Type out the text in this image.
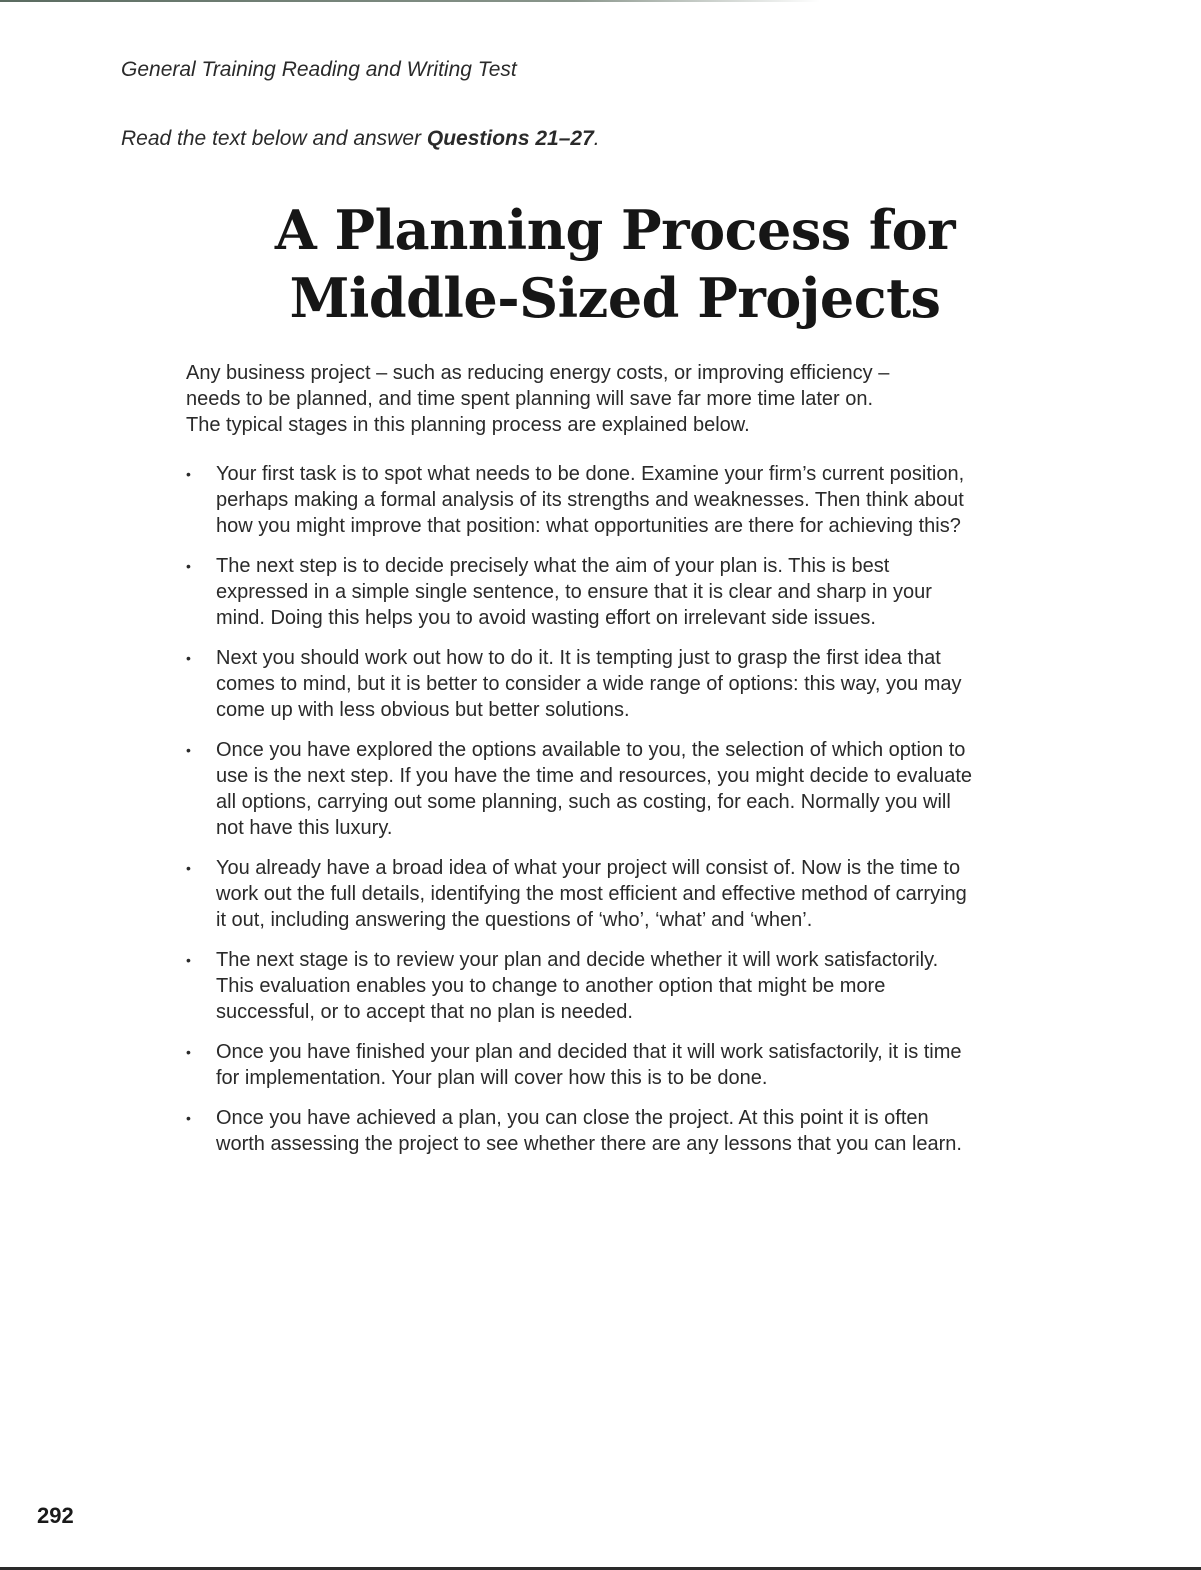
General Training Reading and Writing Test
Read the text below and answer Questions 21–27.
A Planning Process for
Middle-Sized Projects
Any business project – such as reducing energy costs, or improving efficiency –
needs to be planned, and time spent planning will save far more time later on.
The typical stages in this planning process are explained below.
• Your first task is to spot what needs to be done. Examine your firm’s current position,
perhaps making a formal analysis of its strengths and weaknesses. Then think about
how you might improve that position: what opportunities are there for achieving this?
• The next step is to decide precisely what the aim of your plan is. This is best
expressed in a simple single sentence, to ensure that it is clear and sharp in your
mind. Doing this helps you to avoid wasting effort on irrelevant side issues.
• Next you should work out how to do it. It is tempting just to grasp the first idea that
comes to mind, but it is better to consider a wide range of options: this way, you may
come up with less obvious but better solutions.
• Once you have explored the options available to you, the selection of which option to
use is the next step. If you have the time and resources, you might decide to evaluate
all options, carrying out some planning, such as costing, for each. Normally you will
not have this luxury.
• You already have a broad idea of what your project will consist of. Now is the time to
work out the full details, identifying the most efficient and effective method of carrying
it out, including answering the questions of ‘who’, ‘what’ and ‘when’.
• The next stage is to review your plan and decide whether it will work satisfactorily.
This evaluation enables you to change to another option that might be more
successful, or to accept that no plan is needed.
• Once you have finished your plan and decided that it will work satisfactorily, it is time
for implementation. Your plan will cover how this is to be done.
• Once you have achieved a plan, you can close the project. At this point it is often
worth assessing the project to see whether there are any lessons that you can learn.
292
